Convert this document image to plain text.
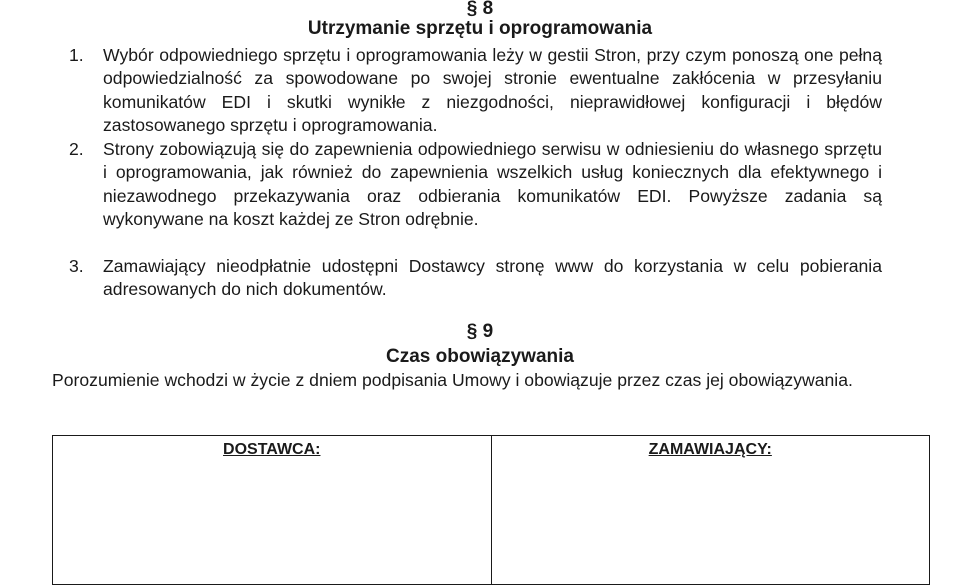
§ 8
Utrzymanie sprzętu i oprogramowania
1. Wybór odpowiedniego sprzętu i oprogramowania leży w gestii Stron, przy czym ponoszą one pełną odpowiedzialność za spowodowane po swojej stronie ewentualne zakłócenia w przesyłaniu komunikatów EDI i skutki wynikłe z niezgodności, nieprawidłowej konfiguracji i błędów zastosowanego sprzętu i oprogramowania.
2. Strony zobowiązują się do zapewnienia odpowiedniego serwisu w odniesieniu do własnego sprzętu i oprogramowania, jak również do zapewnienia wszelkich usług koniecznych dla efektywnego i niezawodnego przekazywania oraz odbierania komunikatów EDI. Powyższe zadania są wykonywane na koszt każdej ze Stron odrębnie.
3. Zamawiający nieodpłatnie udostępni Dostawcy stronę www do korzystania w celu pobierania adresowanych do nich dokumentów.
§ 9
Czas obowiązywania
Porozumienie wchodzi w życie z dniem podpisania Umowy i obowiązuje przez czas jej obowiązywania.
DOSTAWCA:	ZAMAWIAJĄCY:
